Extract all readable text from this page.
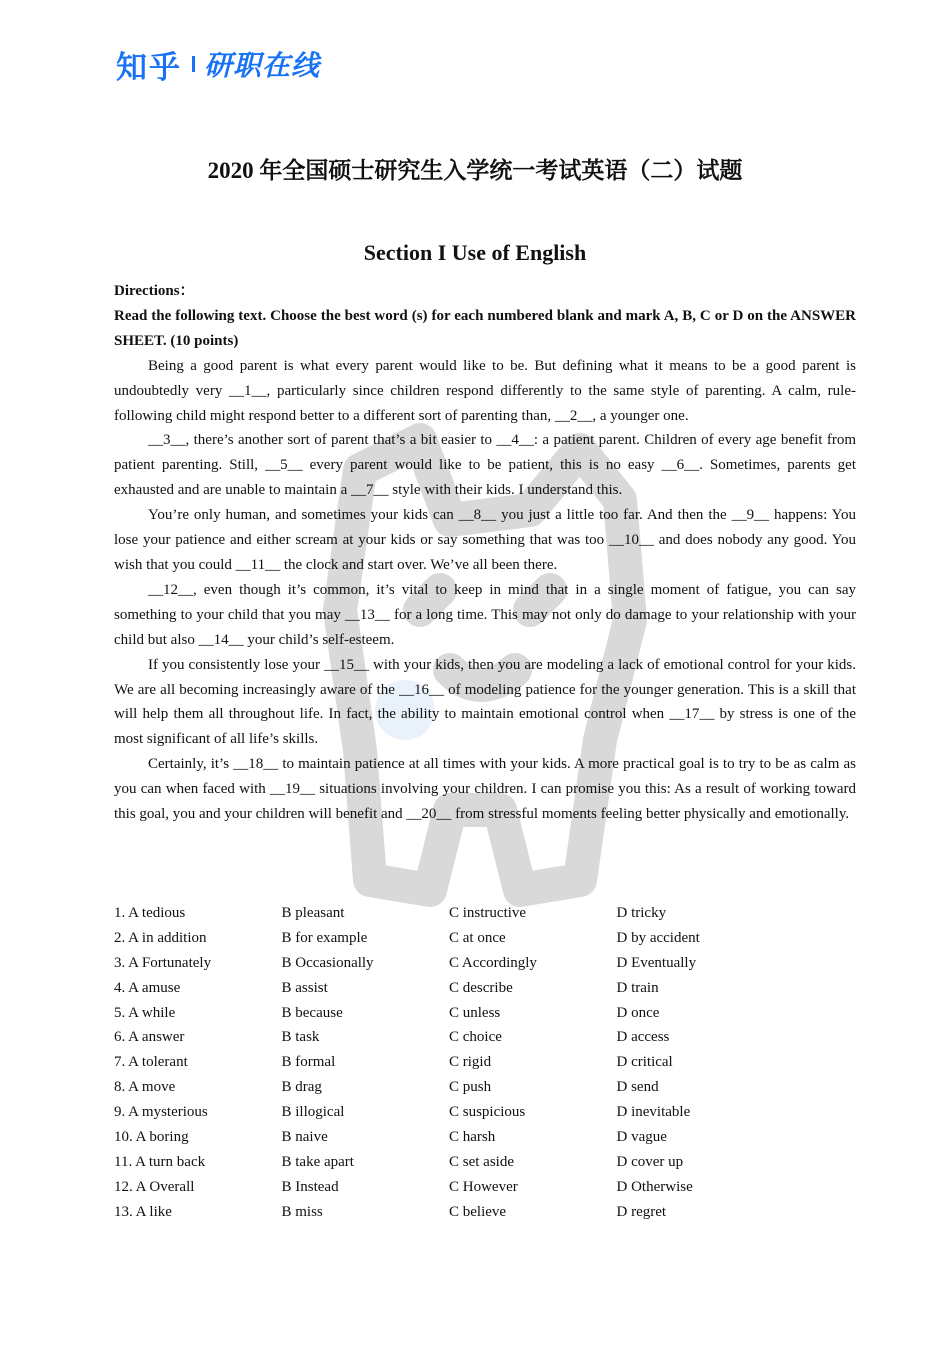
知乎 研职在线
2020 年全国硕士研究生入学统一考试英语（二）试题
Section I Use of English
Directions：
Read the following text. Choose the best word (s) for each numbered blank and mark A, B, C or D on the ANSWER SHEET. (10 points)

Being a good parent is what every parent would like to be. But defining what it means to be a good parent is undoubtedly very __1__, particularly since children respond differently to the same style of parenting. A calm, rule-following child might respond better to a different sort of parenting than, __2__, a younger one.

__3__, there’s another sort of parent that’s a bit easier to __4__: a patient parent. Children of every age benefit from patient parenting. Still, __5__ every parent would like to be patient, this is no easy __6__. Sometimes, parents get exhausted and are unable to maintain a __7__ style with their kids. I understand this.

You’re only human, and sometimes your kids can __8__ you just a little too far. And then the __9__ happens: You lose your patience and either scream at your kids or say something that was too __10__ and does nobody any good. You wish that you could __11__ the clock and start over. We’ve all been there.

__12__, even though it’s common, it’s vital to keep in mind that in a single moment of fatigue, you can say something to your child that you may __13__ for a long time. This may not only do damage to your relationship with your child but also __14__ your child’s self-esteem.

If you consistently lose your __15__ with your kids, then you are modeling a lack of emotional control for your kids. We are all becoming increasingly aware of the __16__ of modeling patience for the younger generation. This is a skill that will help them all throughout life. In fact, the ability to maintain emotional control when __17__ by stress is one of the most significant of all life’s skills.

Certainly, it’s __18__ to maintain patience at all times with your kids. A more practical goal is to try to be as calm as you can when faced with __19__ situations involving your children. I can promise you this: As a result of working toward this goal, you and your children will benefit and __20__ from stressful moments feeling better physically and emotionally.

1. A tedious	B pleasant	C instructive	D tricky
2. A in addition	B for example	C at once	D by accident
3. A Fortunately	B Occasionally	C Accordingly	D Eventually
4. A amuse	B assist	C describe	D train
5. A while	B because	C unless	D once
6. A answer	B task	C choice	D access
7. A tolerant	B formal	C rigid	D critical
8. A move	B drag	C push	D send
9. A mysterious	B illogical	C suspicious	D inevitable
10. A boring	B naive	C harsh	D vague
11. A turn back	B take apart	C set aside	D cover up
12. A Overall	B Instead	C However	D Otherwise
13. A like	B miss	C believe	D regret
